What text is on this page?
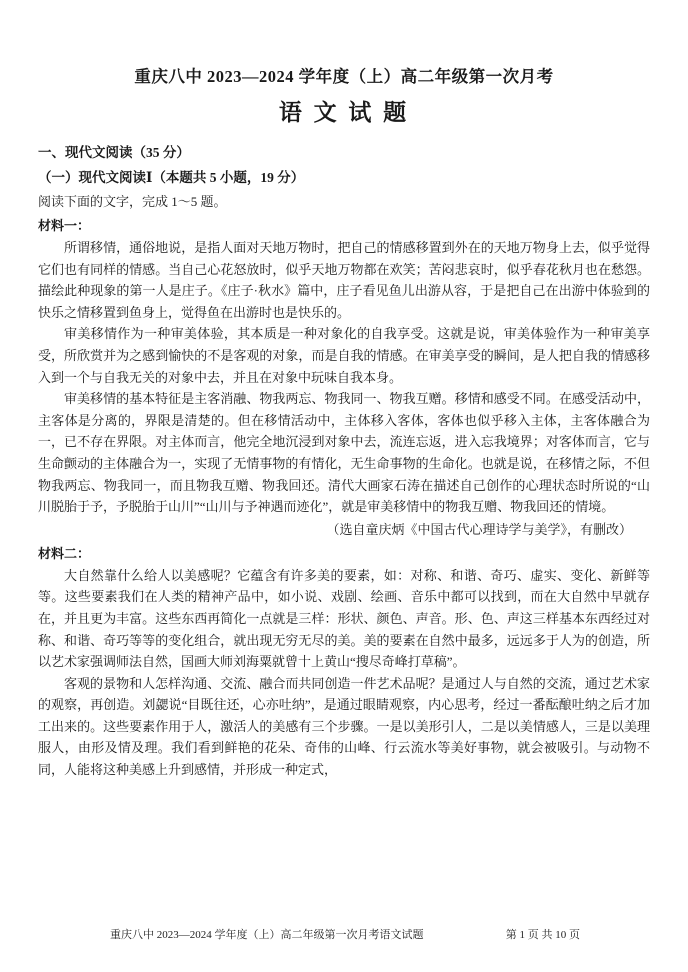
重庆八中 2023—2024 学年度（上）高二年级第一次月考
语 文 试 题

一、现代文阅读（35 分）

（一）现代文阅读Ⅰ（本题共 5 小题，19 分）

阅读下面的文字，完成 1～5 题。

材料一：

所谓移情，通俗地说，是指人面对天地万物时，把自己的情感移置到外在的天地万物身上去，似乎觉得它们也有同样的情感。当自己心花怒放时，似乎天地万物都在欢笑；苦闷悲哀时，似乎春花秋月也在愁怨。描绘此种现象的第一人是庄子。《庄子·秋水》篇中，庄子看见鱼儿出游从容，于是把自己在出游中体验到的快乐之情移置到鱼身上，觉得鱼在出游时也是快乐的。

审美移情作为一种审美体验，其本质是一种对象化的自我享受。这就是说，审美体验作为一种审美享受，所欣赏并为之感到愉快的不是客观的对象，而是自我的情感。在审美享受的瞬间，是人把自我的情感移入到一个与自我无关的对象中去，并且在对象中玩味自我本身。

审美移情的基本特征是主客消融、物我两忘、物我同一、物我互赠。移情和感受不同。在感受活动中，主客体是分离的，界限是清楚的。但在移情活动中，主体移入客体，客体也似乎移入主体，主客体融合为一，已不存在界限。对主体而言，他完全地沉浸到对象中去，流连忘返，进入忘我境界；对客体而言，它与生命颤动的主体融合为一，实现了无情事物的有情化，无生命事物的生命化。也就是说，在移情之际，不但物我两忘、物我同一，而且物我互赠、物我回还。清代大画家石涛在描述自己创作的心理状态时所说的“山川脱胎于予，予脱胎于山川”“山川与予神遇而迹化”，就是审美移情中的物我互赠、物我回还的情境。

（选自童庆炳《中国古代心理诗学与美学》，有删改）

材料二：

大自然靠什么给人以美感呢？它蕴含有许多美的要素，如：对称、和谐、奇巧、虚实、变化、新鲜等等。这些要素我们在人类的精神产品中，如小说、戏剧、绘画、音乐中都可以找到，而在大自然中早就存在，并且更为丰富。这些东西再简化一点就是三样：形状、颜色、声音。形、色、声这三样基本东西经过对称、和谐、奇巧等等的变化组合，就出现无穷无尽的美。美的要素在自然中最多，远远多于人为的创造，所以艺术家强调师法自然，国画大师刘海粟就曾十上黄山“搜尽奇峰打草稿”。

客观的景物和人怎样沟通、交流、融合而共同创造一件艺术品呢？是通过人与自然的交流，通过艺术家的观察，再创造。刘勰说“目既往还，心亦吐纳”，是通过眼睛观察，内心思考，经过一番酝酿吐纳之后才加工出来的。这些要素作用于人，激活人的美感有三个步骤。一是以美形引人，二是以美情感人，三是以美理服人，由形及情及理。我们看到鲜艳的花朵、奇伟的山峰、行云流水等美好事物，就会被吸引。与动物不同，人能将这种美感上升到感情，并形成一种定式，

重庆八中 2023—2024 学年度（上）高二年级第一次月考语文试题	第 1 页 共 10 页
